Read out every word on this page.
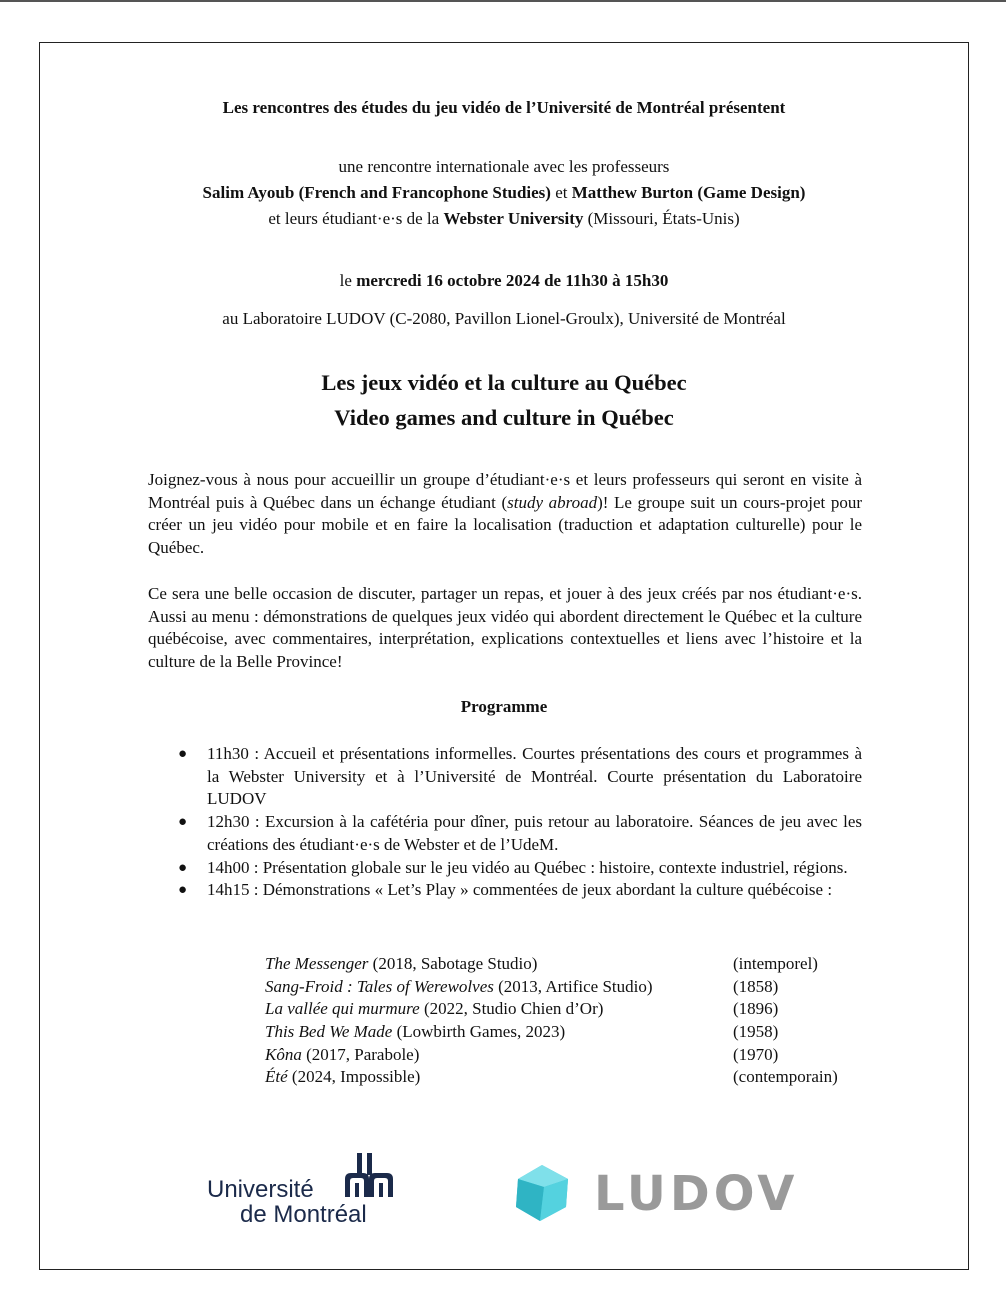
Les rencontres des études du jeu vidéo de l’Université de Montréal présentent
une rencontre internationale avec les professeurs
Salim Ayoub (French and Francophone Studies) et Matthew Burton (Game Design)
et leurs étudiant·e·s de la Webster University (Missouri, États-Unis)
le mercredi 16 octobre 2024 de 11h30 à 15h30
au Laboratoire LUDOV (C-2080, Pavillon Lionel-Groulx), Université de Montréal
Les jeux vidéo et la culture au Québec
Video games and culture in Québec
Joignez-vous à nous pour accueillir un groupe d’étudiant·e·s et leurs professeurs qui seront en visite à Montréal puis à Québec dans un échange étudiant (study abroad)! Le groupe suit un cours-projet pour créer un jeu vidéo pour mobile et en faire la localisation (traduction et adaptation culturelle) pour le Québec.
Ce sera une belle occasion de discuter, partager un repas, et jouer à des jeux créés par nos étudiant·e·s. Aussi au menu : démonstrations de quelques jeux vidéo qui abordent directement le Québec et la culture québécoise, avec commentaires, interprétation, explications contextuelles et liens avec l’histoire et la culture de la Belle Province!
Programme
● 11h30 : Accueil et présentations informelles. Courtes présentations des cours et programmes à la Webster University et à l’Université de Montréal. Courte présentation du Laboratoire LUDOV
● 12h30 : Excursion à la cafétéria pour dîner, puis retour au laboratoire. Séances de jeu avec les créations des étudiant·e·s de Webster et de l’UdeM.
● 14h00 : Présentation globale sur le jeu vidéo au Québec : histoire, contexte industriel, régions.
● 14h15 : Démonstrations « Let’s Play » commentées de jeux abordant la culture québécoise :
The Messenger (2018, Sabotage Studio)	(intemporel)
Sang-Froid : Tales of Werewolves (2013, Artifice Studio)	(1858)
La vallée qui murmure (2022, Studio Chien d’Or)	(1896)
This Bed We Made (Lowbirth Games, 2023)	(1958)
Kôna (2017, Parabole)	(1970)
Été (2024, Impossible)	(contemporain)
Université
de Montréal	LUDOV
